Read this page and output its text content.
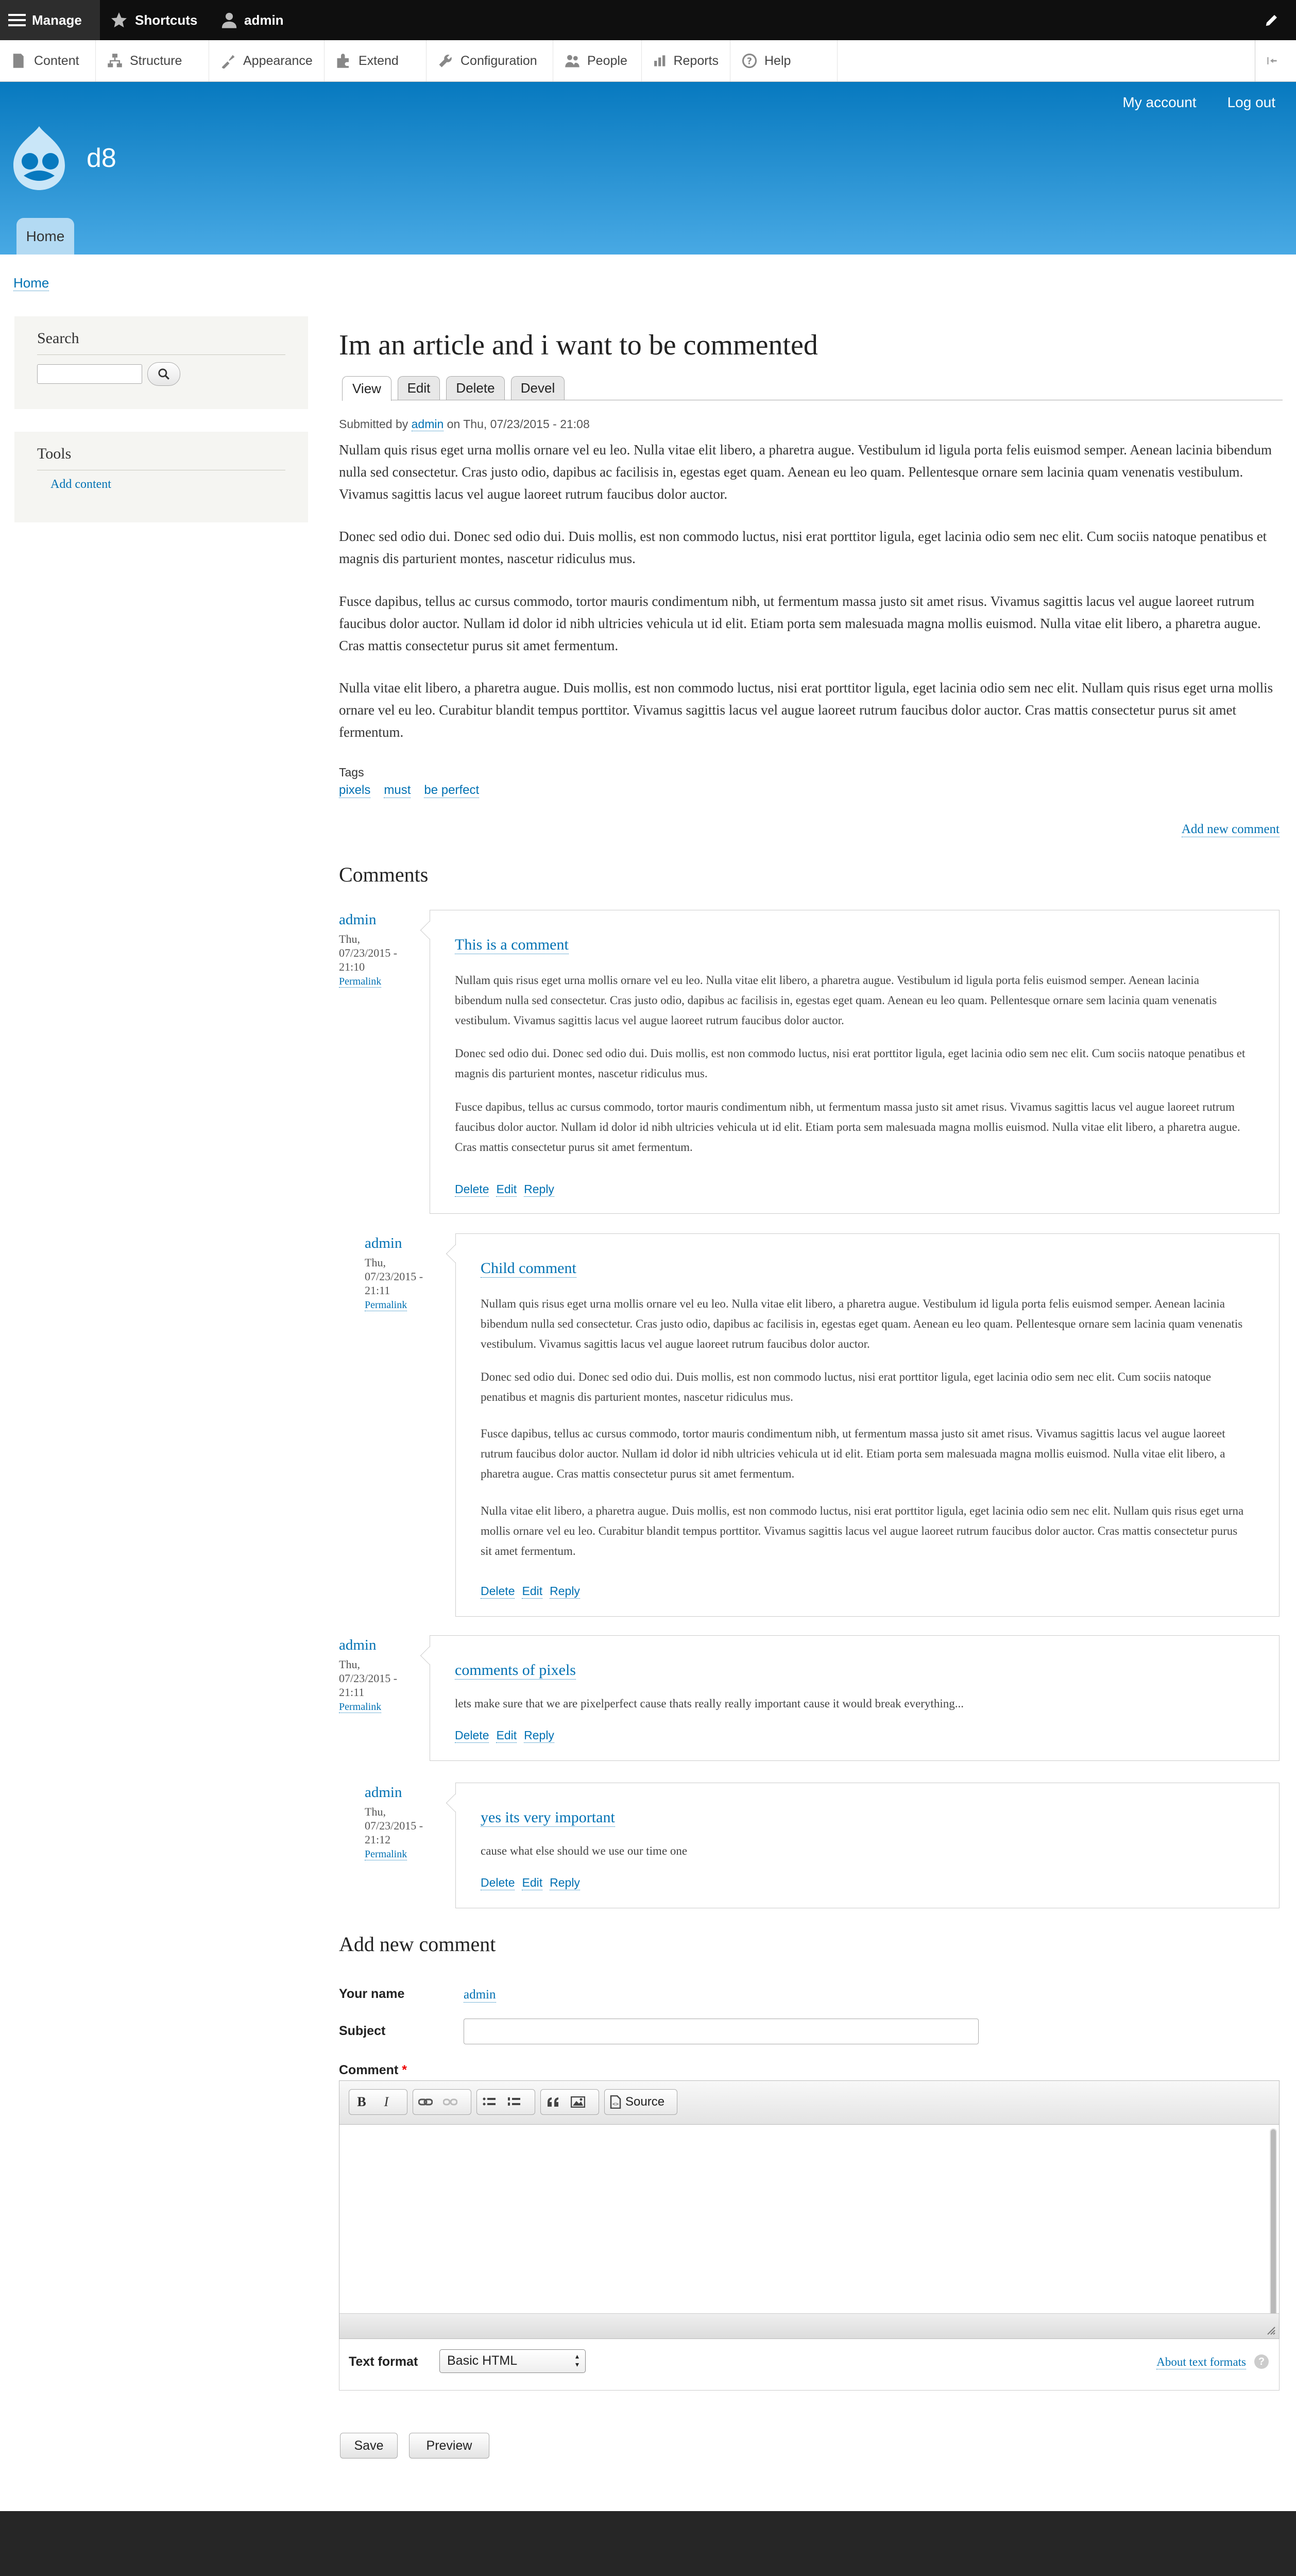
Manage	Shortcuts	admin
Content	Structure	Appearance	Extend	Configuration	People	Reports	? Help
My account Log out
d8
Home
Home
Search
Tools
Add content
Im an article and i want to be commented
View	Edit	Delete	Devel
Submitted by admin on Thu, 07/23/2015 - 21:08

Nullam quis risus eget urna mollis ornare vel eu leo. Nulla vitae elit libero, a pharetra augue. Vestibulum id ligula porta felis euismod semper. Aenean lacinia bibendum nulla sed consectetur. Cras justo odio, dapibus ac facilisis in, egestas eget quam. Aenean eu leo quam. Pellentesque ornare sem lacinia quam venenatis vestibulum. Vivamus sagittis lacus vel augue laoreet rutrum faucibus dolor auctor.

Donec sed odio dui. Donec sed odio dui. Duis mollis, est non commodo luctus, nisi erat porttitor ligula, eget lacinia odio sem nec elit. Cum sociis natoque penatibus et magnis dis parturient montes, nascetur ridiculus mus.

Fusce dapibus, tellus ac cursus commodo, tortor mauris condimentum nibh, ut fermentum massa justo sit amet risus. Vivamus sagittis lacus vel augue laoreet rutrum faucibus dolor auctor. Nullam id dolor id nibh ultricies vehicula ut id elit. Etiam porta sem malesuada magna mollis euismod. Nulla vitae elit libero, a pharetra augue. Cras mattis consectetur purus sit amet fermentum.

Nulla vitae elit libero, a pharetra augue. Duis mollis, est non commodo luctus, nisi erat porttitor ligula, eget lacinia odio sem nec elit. Nullam quis risus eget urna mollis ornare vel eu leo. Curabitur blandit tempus porttitor. Vivamus sagittis lacus vel augue laoreet rutrum faucibus dolor auctor. Cras mattis consectetur purus sit amet fermentum.

Tags
pixels must be perfect
Add new comment
Comments
admin
Thu, 07/23/2015 - 21:10
Permalink
This is a comment

Nullam quis risus eget urna mollis ornare vel eu leo. Nulla vitae elit libero, a pharetra augue. Vestibulum id ligula porta felis euismod semper. Aenean lacinia bibendum nulla sed consectetur. Cras justo odio, dapibus ac facilisis in, egestas eget quam. Aenean eu leo quam. Pellentesque ornare sem lacinia quam venenatis vestibulum. Vivamus sagittis lacus vel augue laoreet rutrum faucibus dolor auctor.

Donec sed odio dui. Donec sed odio dui. Duis mollis, est non commodo luctus, nisi erat porttitor ligula, eget lacinia odio sem nec elit. Cum sociis natoque penatibus et magnis dis parturient montes, nascetur ridiculus mus.

Fusce dapibus, tellus ac cursus commodo, tortor mauris condimentum nibh, ut fermentum massa justo sit amet risus. Vivamus sagittis lacus vel augue laoreet rutrum faucibus dolor auctor. Nullam id dolor id nibh ultricies vehicula ut id elit. Etiam porta sem malesuada magna mollis euismod. Nulla vitae elit libero, a pharetra augue. Cras mattis consectetur purus sit amet fermentum.

Delete Edit Reply
admin
Thu, 07/23/2015 - 21:11
Permalink
Child comment

Nullam quis risus eget urna mollis ornare vel eu leo. Nulla vitae elit libero, a pharetra augue. Vestibulum id ligula porta felis euismod semper. Aenean lacinia bibendum nulla sed consectetur. Cras justo odio, dapibus ac facilisis in, egestas eget quam. Aenean eu leo quam. Pellentesque ornare sem lacinia quam venenatis vestibulum. Vivamus sagittis lacus vel augue laoreet rutrum faucibus dolor auctor.

Donec sed odio dui. Donec sed odio dui. Duis mollis, est non commodo luctus, nisi erat porttitor ligula, eget lacinia odio sem nec elit. Cum sociis natoque penatibus et magnis dis parturient montes, nascetur ridiculus mus.

Fusce dapibus, tellus ac cursus commodo, tortor mauris condimentum nibh, ut fermentum massa justo sit amet risus. Vivamus sagittis lacus vel augue laoreet rutrum faucibus dolor auctor. Nullam id dolor id nibh ultricies vehicula ut id elit. Etiam porta sem malesuada magna mollis euismod. Nulla vitae elit libero, a pharetra augue. Cras mattis consectetur purus sit amet fermentum.

Nulla vitae elit libero, a pharetra augue. Duis mollis, est non commodo luctus, nisi erat porttitor ligula, eget lacinia odio sem nec elit. Nullam quis risus eget urna mollis ornare vel eu leo. Curabitur blandit tempus porttitor. Vivamus sagittis lacus vel augue laoreet rutrum faucibus dolor auctor. Cras mattis consectetur purus sit amet fermentum.

Delete Edit Reply
admin
Thu, 07/23/2015 - 21:11
Permalink
comments of pixels

lets make sure that we are pixelperfect cause thats really really important cause it would break everything...

Delete Edit Reply
admin
Thu, 07/23/2015 - 21:12
Permalink
yes its very important

cause what else should we use our time one

Delete Edit Reply
Add new comment
Your name	admin
Subject
Comment *
B	I	<> Source
Text format	Basic HTML ▴ ▾	About text formats	?
Save	Preview
